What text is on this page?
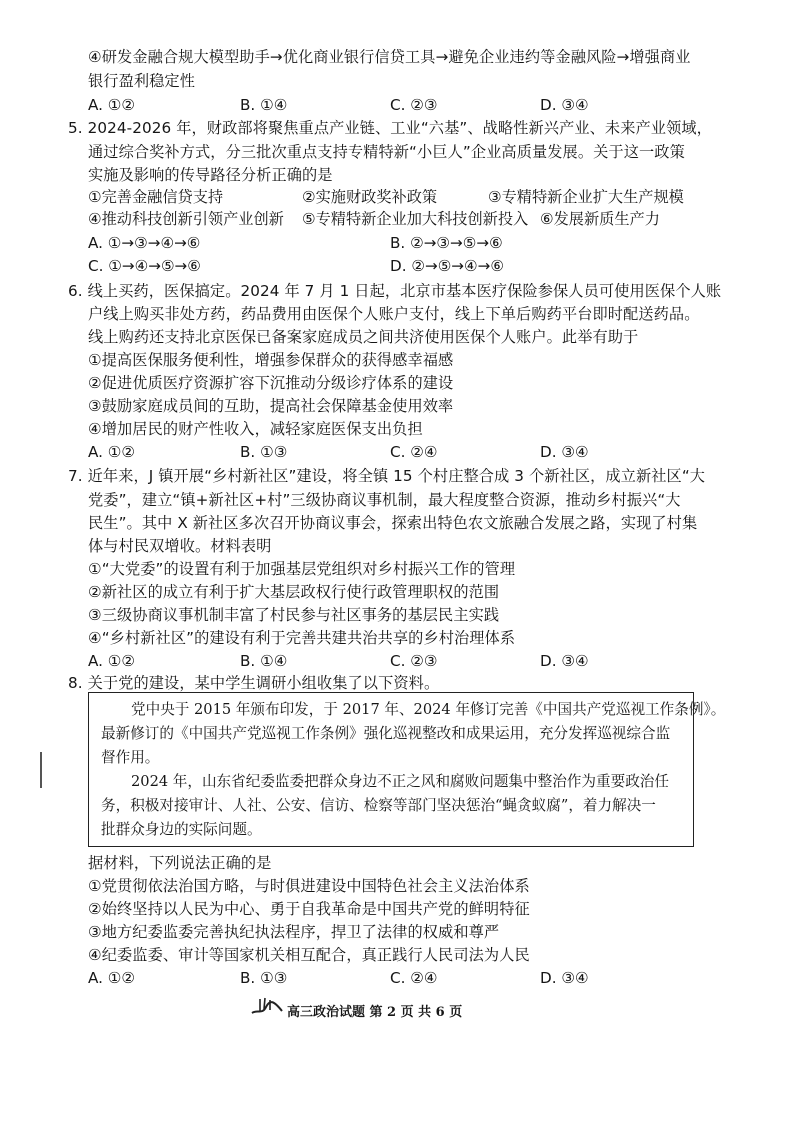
④研发金融合规大模型助手→优化商业银行信贷工具→避免企业违约等金融风险→增强商业
银行盈利稳定性
A. ①②	B. ①④	C. ②③	D. ③④
5. 2024-2026 年，财政部将聚焦重点产业链、工业“六基”、战略性新兴产业、未来产业领域，
通过综合奖补方式，分三批次重点支持专精特新“小巨人”企业高质量发展。关于这一政策
实施及影响的传导路径分析正确的是
①完善金融信贷支持	②实施财政奖补政策	③专精特新企业扩大生产规模
④推动科技创新引领产业创新 ⑤专精特新企业加大科技创新投入 ⑥发展新质生产力
A. ①→③→④→⑥	B. ②→③→⑤→⑥
C. ①→④→⑤→⑥	D. ②→⑤→④→⑥
6. 线上买药，医保搞定。2024 年 7 月 1 日起，北京市基本医疗保险参保人员可使用医保个人账
户线上购买非处方药，药品费用由医保个人账户支付，线上下单后购药平台即时配送药品。
线上购药还支持北京医保已备案家庭成员之间共济使用医保个人账户。此举有助于
①提高医保服务便利性，增强参保群众的获得感幸福感
②促进优质医疗资源扩容下沉推动分级诊疗体系的建设
③鼓励家庭成员间的互助，提高社会保障基金使用效率
④增加居民的财产性收入，减轻家庭医保支出负担
A. ①②	B. ①③	C. ②④	D. ③④
7. 近年来，J 镇开展“乡村新社区”建设，将全镇 15 个村庄整合成 3 个新社区，成立新社区“大
党委”，建立“镇+新社区+村”三级协商议事机制，最大程度整合资源，推动乡村振兴“大
民生”。其中 X 新社区多次召开协商议事会，探索出特色农文旅融合发展之路，实现了村集
体与村民双增收。材料表明
①“大党委”的设置有利于加强基层党组织对乡村振兴工作的管理
②新社区的成立有利于扩大基层政权行使行政管理职权的范围
③三级协商议事机制丰富了村民参与社区事务的基层民主实践
④“乡村新社区”的建设有利于完善共建共治共享的乡村治理体系
A. ①②	B. ①④	C. ②③	D. ③④
8. 关于党的建设，某中学生调研小组收集了以下资料。
党中央于 2015 年颁布印发，于 2017 年、2024 年修订完善《中国共产党巡视工作条例》。
最新修订的《中国共产党巡视工作条例》强化巡视整改和成果运用，充分发挥巡视综合监
督作用。
2024 年，山东省纪委监委把群众身边不正之风和腐败问题集中整治作为重要政治任
务，积极对接审计、人社、公安、信访、检察等部门坚决惩治“蝇贪蚁腐”，着力解决一
批群众身边的实际问题。
据材料，下列说法正确的是
①党贯彻依法治国方略，与时俱进建设中国特色社会主义法治体系
②始终坚持以人民为中心、勇于自我革命是中国共产党的鲜明特征
③地方纪委监委完善执纪执法程序，捍卫了法律的权威和尊严
④纪委监委、审计等国家机关相互配合，真正践行人民司法为人民
A. ①②	B. ①③	C. ②④	D. ③④
高三政治试题 第 2 页 共 6 页
